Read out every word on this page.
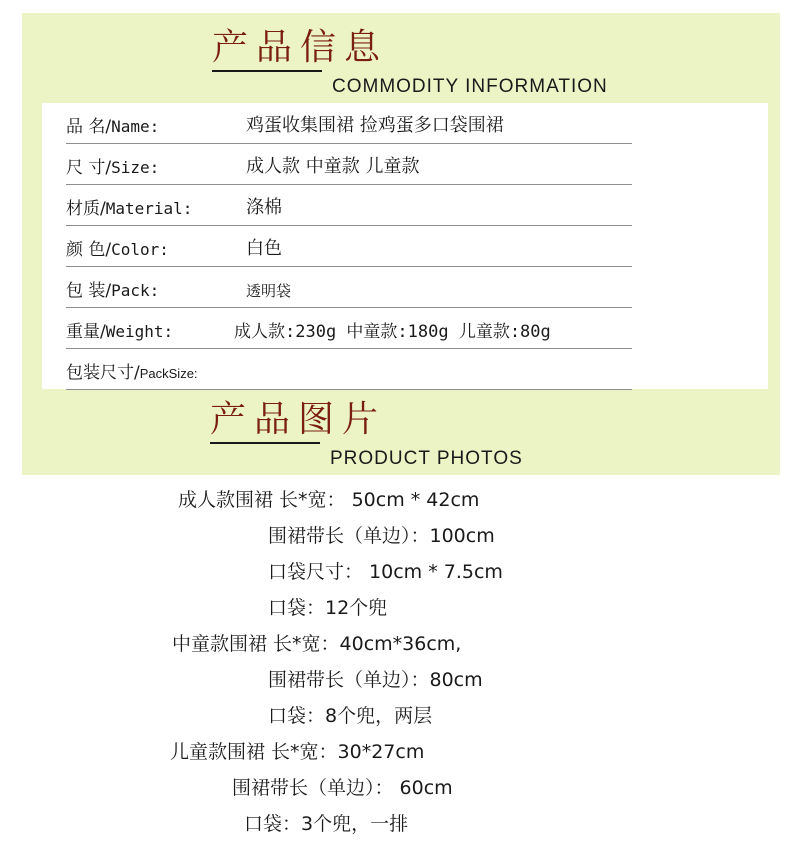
产品信息
COMMODITY INFORMATION
品 名/Name:	鸡蛋收集围裙 捡鸡蛋多口袋围裙
尺 寸/Size:	成人款 中童款 儿童款
材质/Material:	涤棉
颜 色/Color:	白色
包 装/Pack:	透明袋
重量/Weight:	成人款:230g 中童款:180g 儿童款:80g
包装尺寸/PackSize:
产品图片
PRODUCT PHOTOS
成人款围裙 长*宽： 50cm * 42cm
围裙带长（单边）：100cm
口袋尺寸： 10cm * 7.5cm
口袋：12个兜
中童款围裙 长*宽：40cm*36cm,
围裙带长（单边）：80cm
口袋：8个兜，两层
儿童款围裙 长*宽：30*27cm
围裙带长（单边）： 60cm
口袋：3个兜，一排
